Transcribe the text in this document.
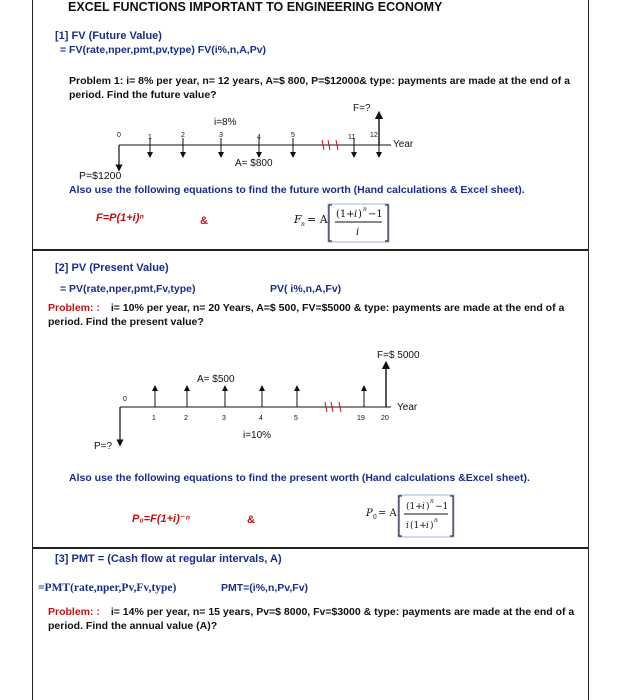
EXCEL FUNCTIONS IMPORTANT TO ENGINEERING ECONOMY
[1] FV (Future Value)
= FV(rate,nper,pmt,pv,type) FV(i%,n,A,Pv)
Problem 1: i= 8% per year, n= 12 years, A=$ 800, P=$12000& type: payments are made at the end of a period. Find the future value?
0	1	2	3	4	5	11 12
F=?
i=8%
Year
A= $800
P=$1200
Also use the following equations to find the future worth (Hand calculations & Excel sheet).
F=P(1+i)ⁿ	&	F n = A (1+ i ) n −1
i
[2] PV (Present Value)
= PV(rate,nper,pmt,Fv,type)	PV( i%,n,A,Fv)
Problem: : i= 10% per year, n= 20 Years, A=$ 500, FV=$5000 & type: payments are made at the end of a period. Find the present value?
0
1	2	3	4	5	19 20
F=$ 5000
A= $500
Year
i=10%
P=?
Also use the following equations to find the present worth (Hand calculations &Excel sheet).
P₀=F(1+i)⁻ⁿ	&
P 0 = A
(1+ i )
n
−1
i (1+ i )
n
[3] PMT = (Cash flow at regular intervals, A)
=PMT(rate,nper,Pv,Fv,type)	PMT=(i%,n,Pv,Fv)
Problem: : i= 14% per year, n= 15 years, Pv=$ 8000, Fv=$3000 & type: payments are made at the end of a period. Find the annual value (A)?
